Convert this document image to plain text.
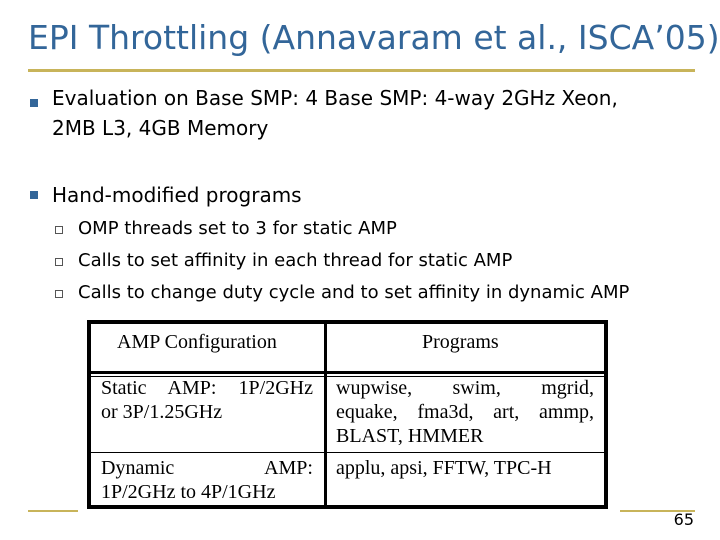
EPI Throttling (Annavaram et al., ISCA’05)
Evaluation on Base SMP: 4 Base SMP: 4-way 2GHz Xeon,
2MB L3, 4GB Memory
Hand-modified programs
OMP threads set to 3 for static AMP
Calls to set affinity in each thread for static AMP
Calls to change duty cycle and to set affinity in dynamic AMP
AMP Configuration	Programs
Static AMP: 1P/2GHz
or 3P/1.25GHz
wupwise, swim, mgrid,
equake, fma3d, art, ammp,
BLAST, HMMER
Dynamic AMP:
1P/2GHz to 4P/1GHz
applu, apsi, FFTW, TPC-H
65
